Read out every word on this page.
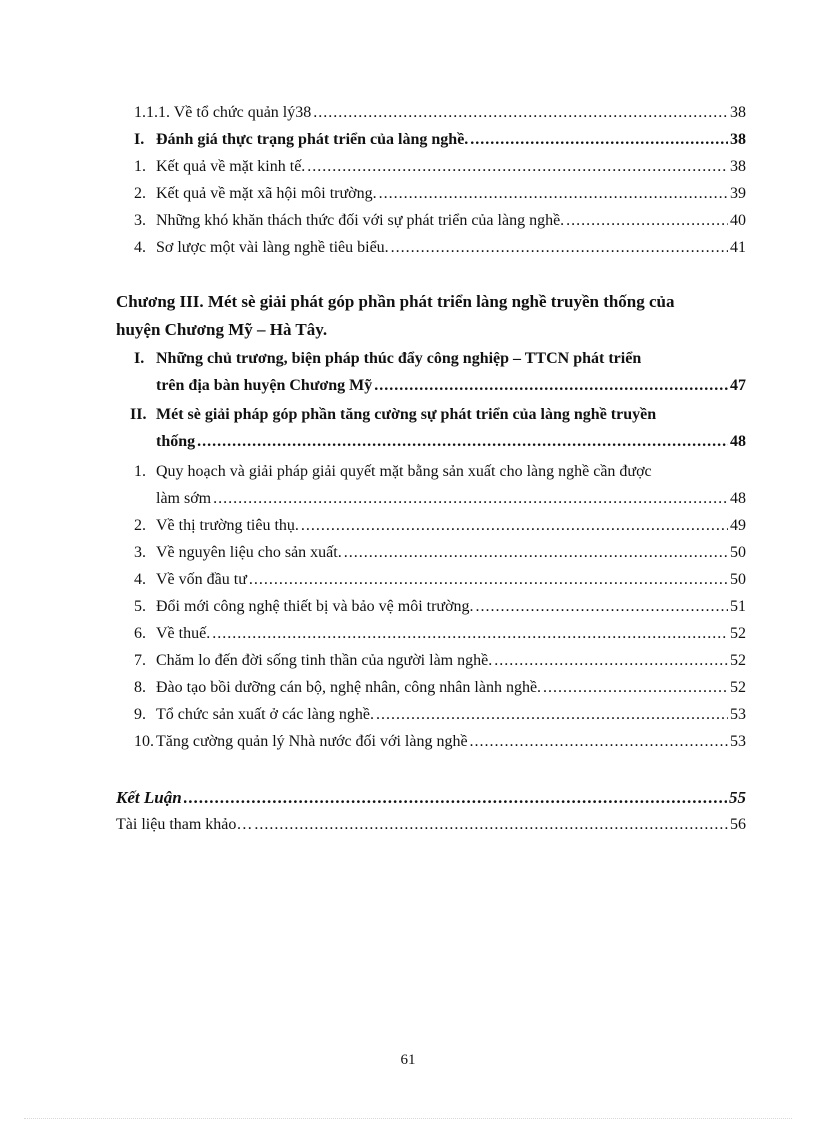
1.1.1. Về tổ chức quản lý38 .....	38
I. Đánh giá thực trạng phát triển của làng nghề. .....	38
1. Kết quả về mặt kinh tế. .....	38
2. Kết quả về mặt xã hội môi trường. .....	39
3. Những khó khăn thách thức đối với sự phát triển của làng nghề. .....	40
4. Sơ lược một vài làng nghề tiêu biểu. .....	41
Chương III. Mét sè giải phát góp phần phát triển làng nghề truyền thống của
huyện Chương Mỹ – Hà Tây.
I. Những chủ trương, biện pháp thúc đẩy công nghiệp – TTCN phát triển
trên địa bàn huyện Chương Mỹ .....	47
II. Mét sè giải pháp góp phần tăng cường sự phát triển của làng nghề truyền
thống .....	48
1. Quy hoạch và giải pháp giải quyết mặt bằng sản xuất cho làng nghề cần được
làm sớm .....	48
2. Về thị trường tiêu thụ. .....	49
3. Về nguyên liệu cho sản xuất. .....	50
4. Về vốn đầu tư .....	50
5. Đổi mới công nghệ thiết bị và bảo vệ môi trường. .....	51
6. Về thuế. .....	52
7. Chăm lo đến đời sống tinh thần của người làm nghề. .....	52
8. Đào tạo bồi dưỡng cán bộ, nghệ nhân, công nhân lành nghề. .....	52
9. Tổ chức sản xuất ở các làng nghề. .....	53
10. Tăng cường quản lý Nhà nước đối với làng nghề .....	53
Kết Luận .....	55
Tài liệu tham khảo… .....	56
61
